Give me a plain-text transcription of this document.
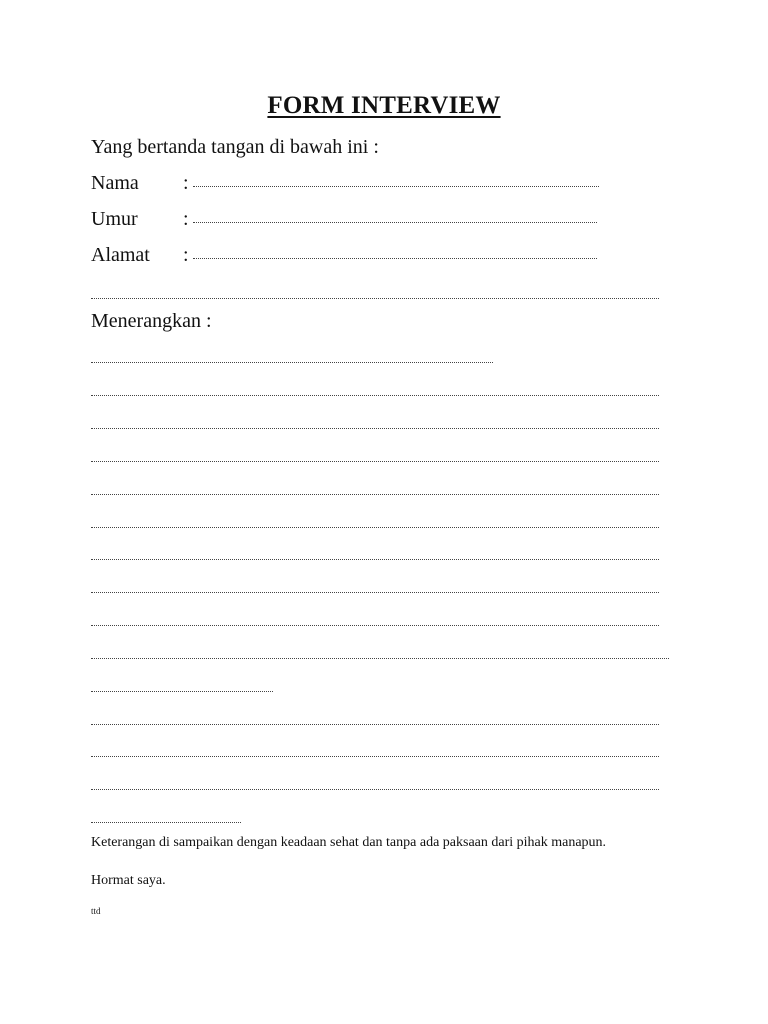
FORM INTERVIEW
Yang bertanda tangan di bawah ini :
Nama :
Umur :
Alamat :
Menerangkan :
Keterangan di sampaikan dengan keadaan sehat dan tanpa ada paksaan dari pihak manapun.
Hormat saya.
ttd
